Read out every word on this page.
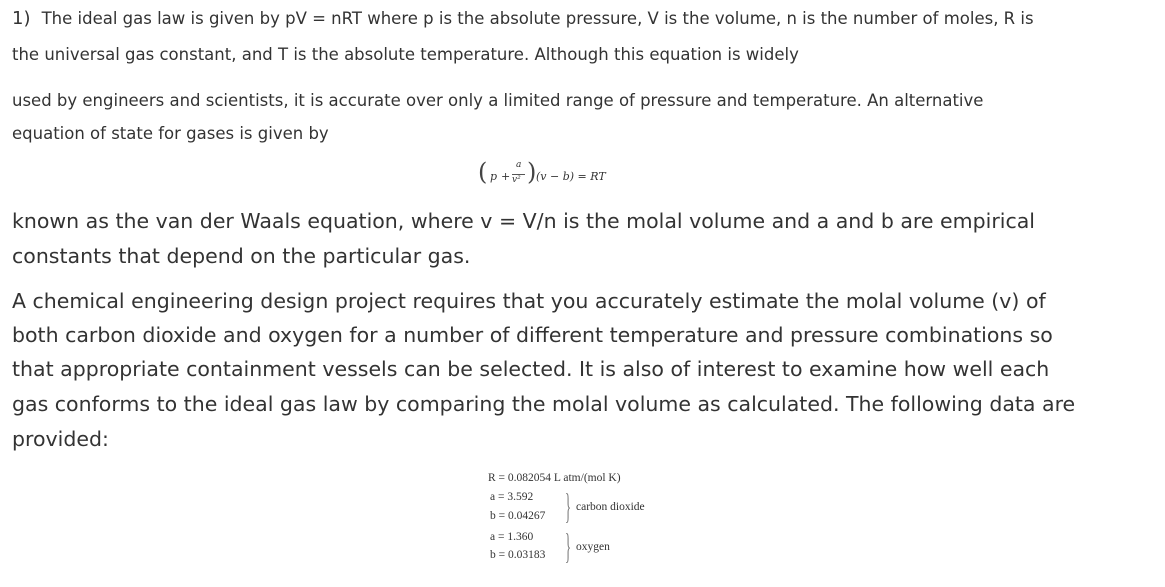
1) The ideal gas law is given by pV = nRT where p is the absolute pressure, V is the volume, n is the number of moles, R is
the universal gas constant, and T is the absolute temperature. Although this equation is widely
used by engineers and scientists, it is accurate over only a limited range of pressure and temperature. An alternative
equation of state for gases is given by
( p +
a
v² ) (v − b) = RT
known as the van der Waals equation, where v = V/n is the molal volume and a and b are empirical
constants that depend on the particular gas.
A chemical engineering design project requires that you accurately estimate the molal volume (v) of
both carbon dioxide and oxygen for a number of different temperature and pressure combinations so
that appropriate containment vessels can be selected. It is also of interest to examine how well each
gas conforms to the ideal gas law by comparing the molal volume as calculated. The following data are
provided:
R = 0.082054 L atm/(mol K)
a = 3.592
b = 0.04267 } carbon dioxide
a = 1.360
b = 0.03183 } oxygen
